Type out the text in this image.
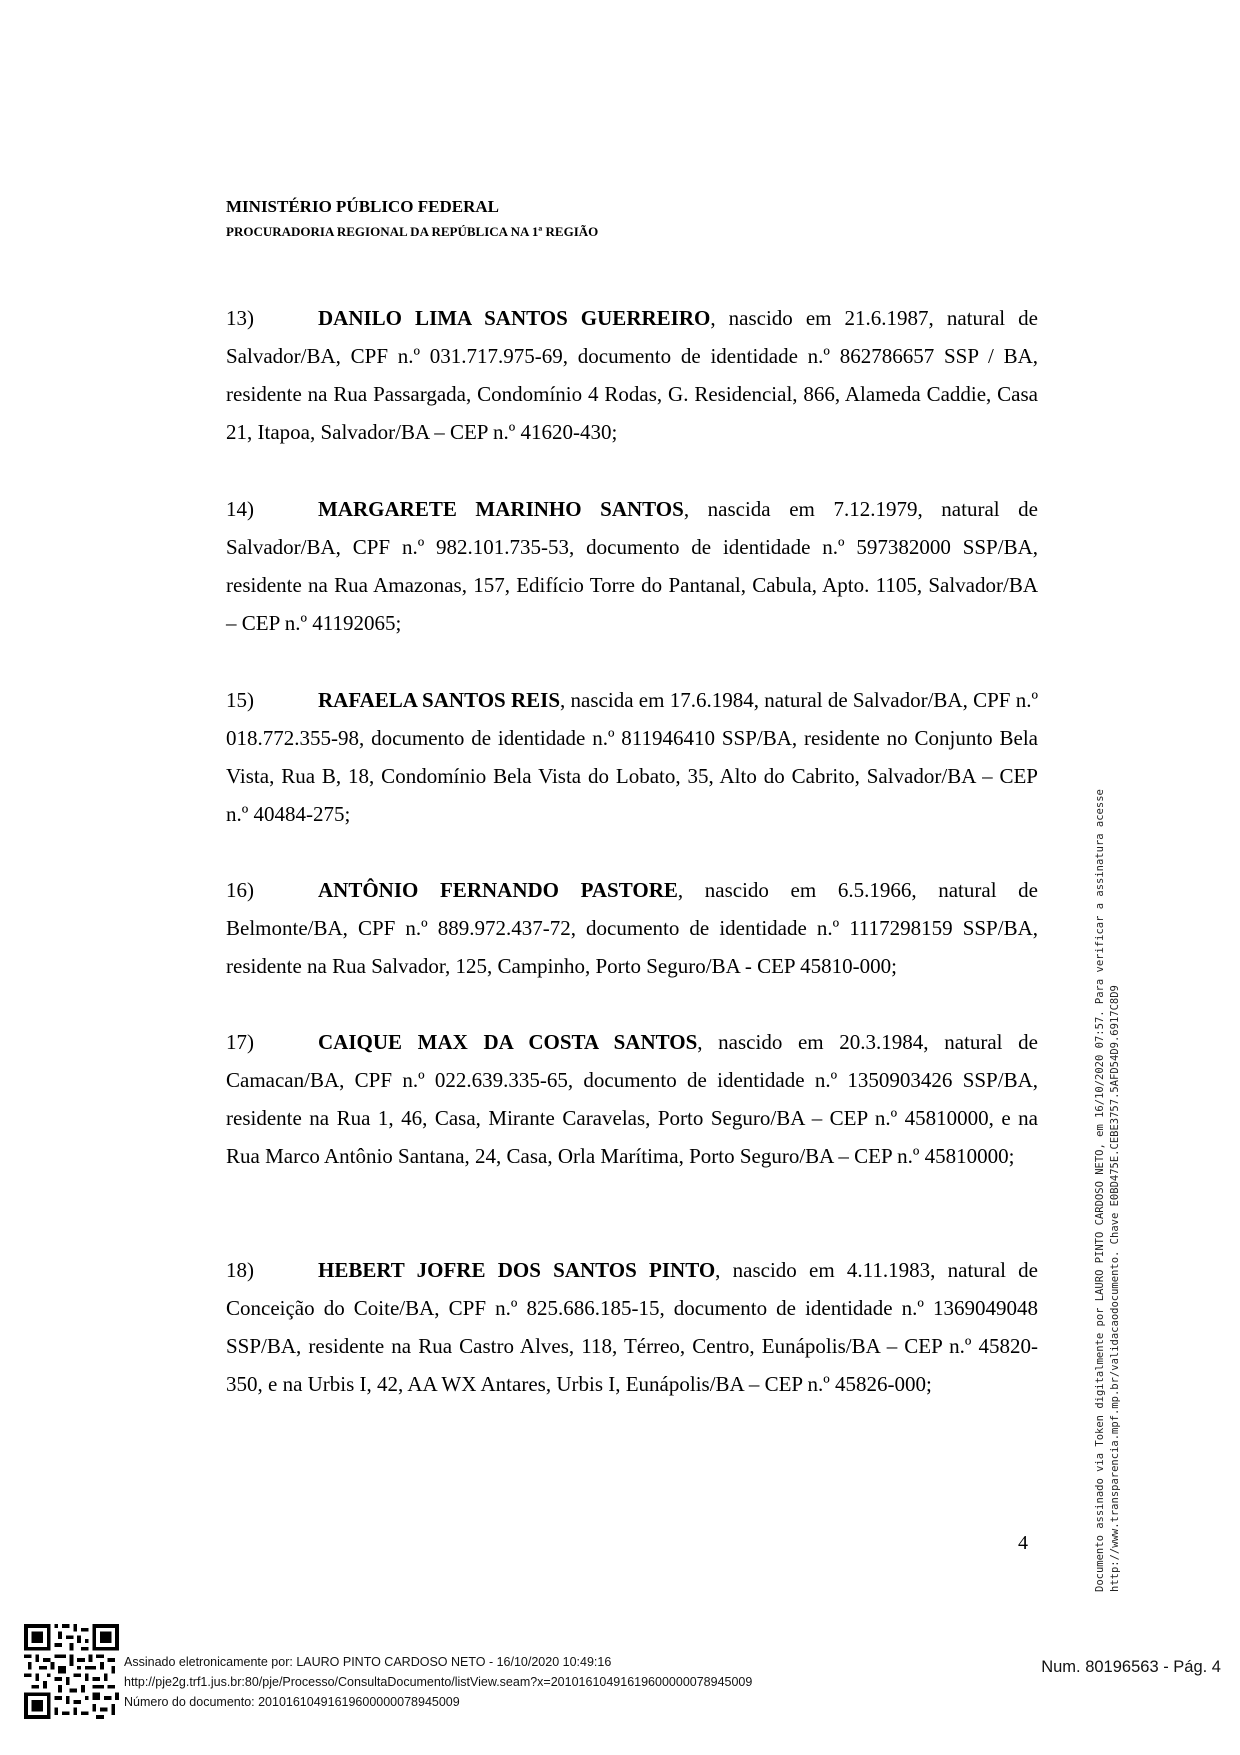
MINISTÉRIO PÚBLICO FEDERAL
PROCURADORIA REGIONAL DA REPÚBLICA NA 1ª REGIÃO
13)	DANILO LIMA SANTOS GUERREIRO, nascido em 21.6.1987, natural de Salvador/BA, CPF n.º 031.717.975-69, documento de identidade n.º 862786657 SSP / BA, residente na Rua Passargada, Condomínio 4 Rodas, G. Residencial, 866, Alameda Caddie, Casa 21, Itapoa, Salvador/BA – CEP n.º 41620-430;
14)	MARGARETE MARINHO SANTOS, nascida em 7.12.1979, natural de Salvador/BA, CPF n.º 982.101.735-53, documento de identidade n.º 597382000 SSP/BA, residente na Rua Amazonas, 157, Edifício Torre do Pantanal, Cabula, Apto. 1105, Salvador/BA – CEP n.º 41192065;
15)	RAFAELA SANTOS REIS, nascida em 17.6.1984, natural de Salvador/BA, CPF n.º 018.772.355-98, documento de identidade n.º 811946410 SSP/BA, residente no Conjunto Bela Vista, Rua B, 18, Condomínio Bela Vista do Lobato, 35, Alto do Cabrito, Salvador/BA – CEP n.º 40484-275;
16)	ANTÔNIO FERNANDO PASTORE, nascido em 6.5.1966, natural de Belmonte/BA, CPF n.º 889.972.437-72, documento de identidade n.º 1117298159 SSP/BA, residente na Rua Salvador, 125, Campinho, Porto Seguro/BA - CEP 45810-000;
17)	CAIQUE MAX DA COSTA SANTOS, nascido em 20.3.1984, natural de Camacan/BA, CPF n.º 022.639.335-65, documento de identidade n.º 1350903426 SSP/BA, residente na Rua 1, 46, Casa, Mirante Caravelas, Porto Seguro/BA – CEP n.º 45810000, e na Rua Marco Antônio Santana, 24, Casa, Orla Marítima, Porto Seguro/BA – CEP n.º 45810000;
18)	HEBERT JOFRE DOS SANTOS PINTO, nascido em 4.11.1983, natural de Conceição do Coite/BA, CPF n.º 825.686.185-15, documento de identidade n.º 1369049048 SSP/BA, residente na Rua Castro Alves, 118, Térreo, Centro, Eunápolis/BA – CEP n.º 45820-350, e na Urbis I, 42, AA WX Antares, Urbis I, Eunápolis/BA – CEP n.º 45826-000;
4	Documento assinado via Token digitalmente por LAURO PINTO CARDOSO NETO, em 16/10/2020 07:57. Para verificar a assinatura acesse http://www.transparencia.mpf.mp.br/validacaodocumento. Chave E0BD475E.CEBE3757.5AFD54D9.6917C8D9
Assinado eletronicamente por: LAURO PINTO CARDOSO NETO - 16/10/2020 10:49:16
http://pje2g.trf1.jus.br:80/pje/Processo/ConsultaDocumento/listView.seam?x=20101610491619600000078945009
Número do documento: 20101610491619600000078945009
Num. 80196563 - Pág. 4
